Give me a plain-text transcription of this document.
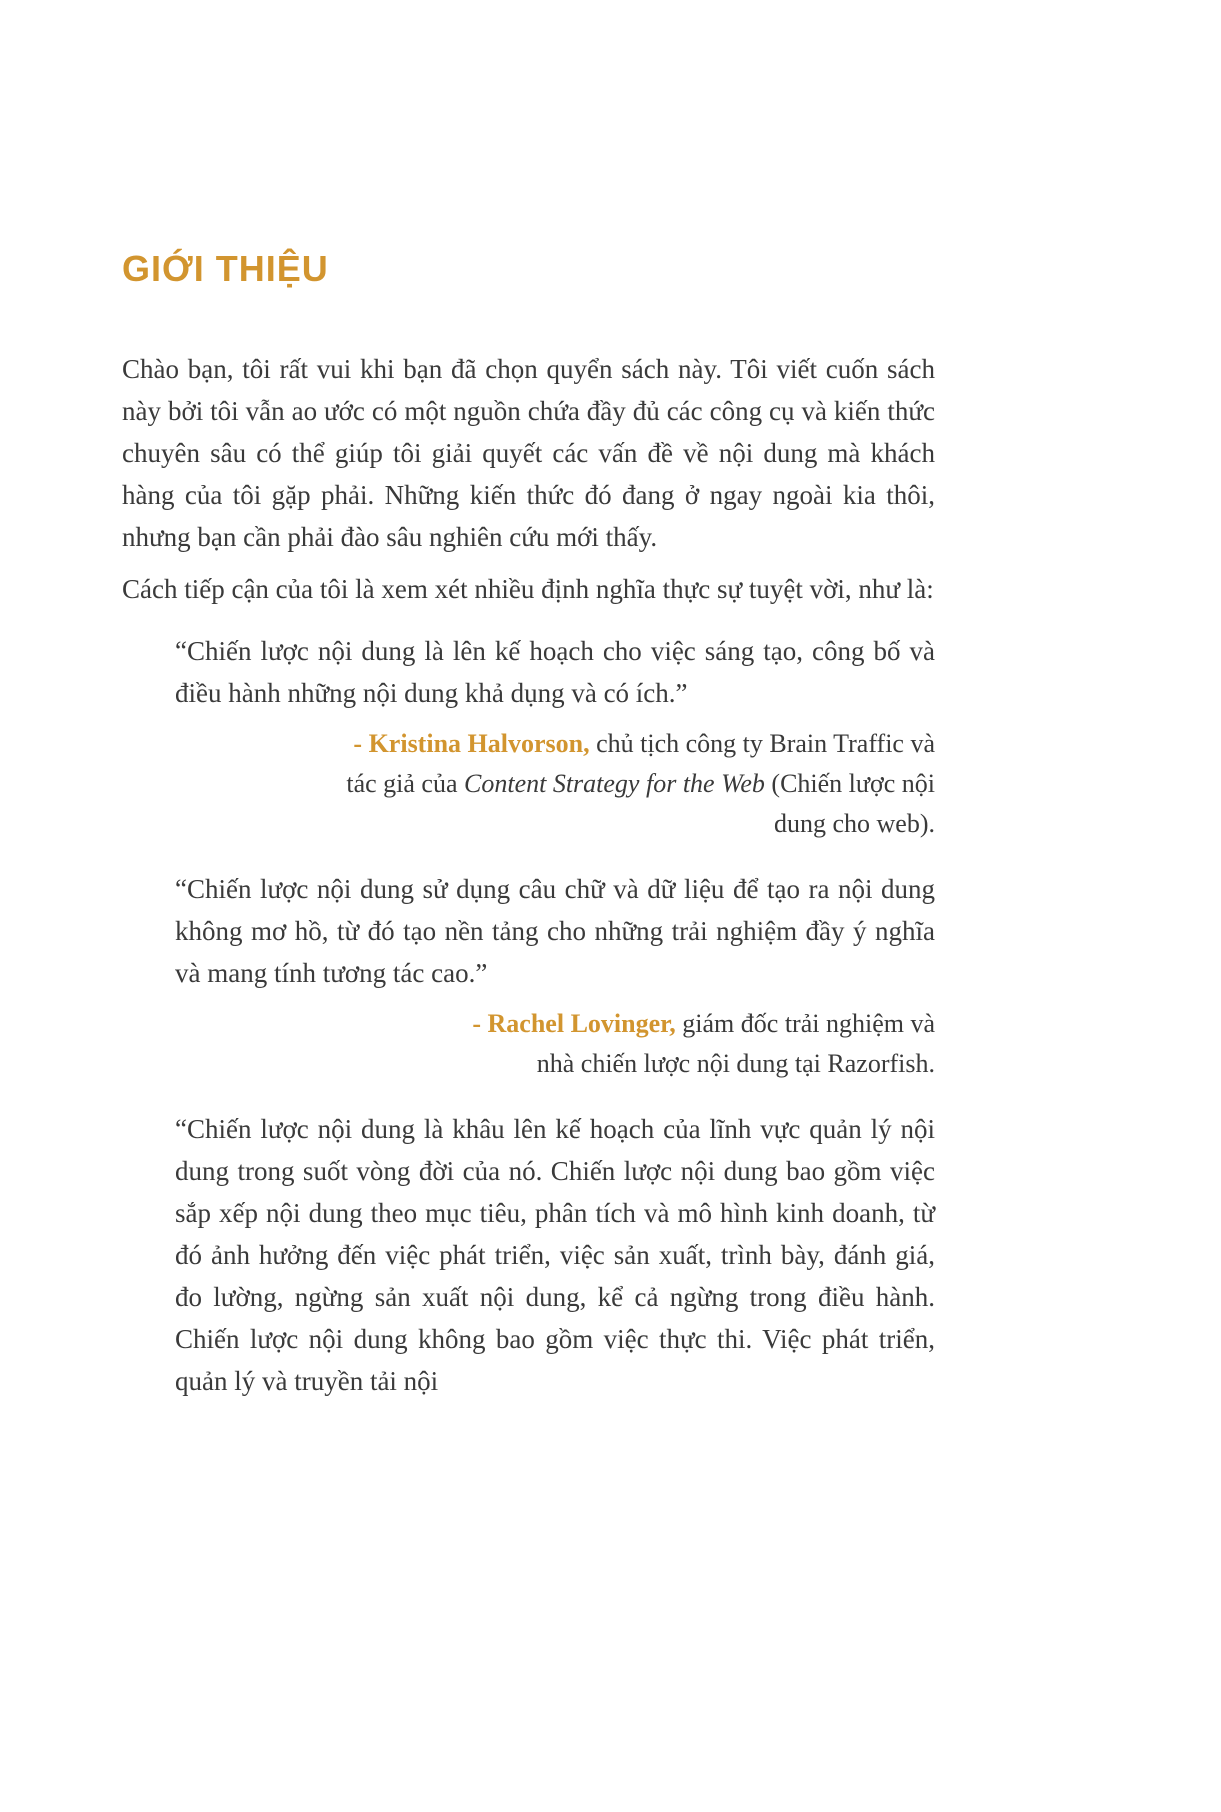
GIỚI THIỆU

Chào bạn, tôi rất vui khi bạn đã chọn quyển sách này. Tôi viết cuốn sách này bởi tôi vẫn ao ước có một nguồn chứa đầy đủ các công cụ và kiến thức chuyên sâu có thể giúp tôi giải quyết các vấn đề về nội dung mà khách hàng của tôi gặp phải. Những kiến thức đó đang ở ngay ngoài kia thôi, nhưng bạn cần phải đào sâu nghiên cứu mới thấy.

Cách tiếp cận của tôi là xem xét nhiều định nghĩa thực sự tuyệt vời, như là:

“Chiến lược nội dung là lên kế hoạch cho việc sáng tạo, công bố và điều hành những nội dung khả dụng và có ích.”
- Kristina Halvorson, chủ tịch công ty Brain Traffic và tác giả của Content Strategy for the Web (Chiến lược nội dung cho web).
“Chiến lược nội dung sử dụng câu chữ và dữ liệu để tạo ra nội dung không mơ hồ, từ đó tạo nền tảng cho những trải nghiệm đầy ý nghĩa và mang tính tương tác cao.”
- Rachel Lovinger, giám đốc trải nghiệm và nhà chiến lược nội dung tại Razorfish.
“Chiến lược nội dung là khâu lên kế hoạch của lĩnh vực quản lý nội dung trong suốt vòng đời của nó. Chiến lược nội dung bao gồm việc sắp xếp nội dung theo mục tiêu, phân tích và mô hình kinh doanh, từ đó ảnh hưởng đến việc phát triển, việc sản xuất, trình bày, đánh giá, đo lường, ngừng sản xuất nội dung, kể cả ngừng trong điều hành. Chiến lược nội dung không bao gồm việc thực thi. Việc phát triển, quản lý và truyền tải nội
